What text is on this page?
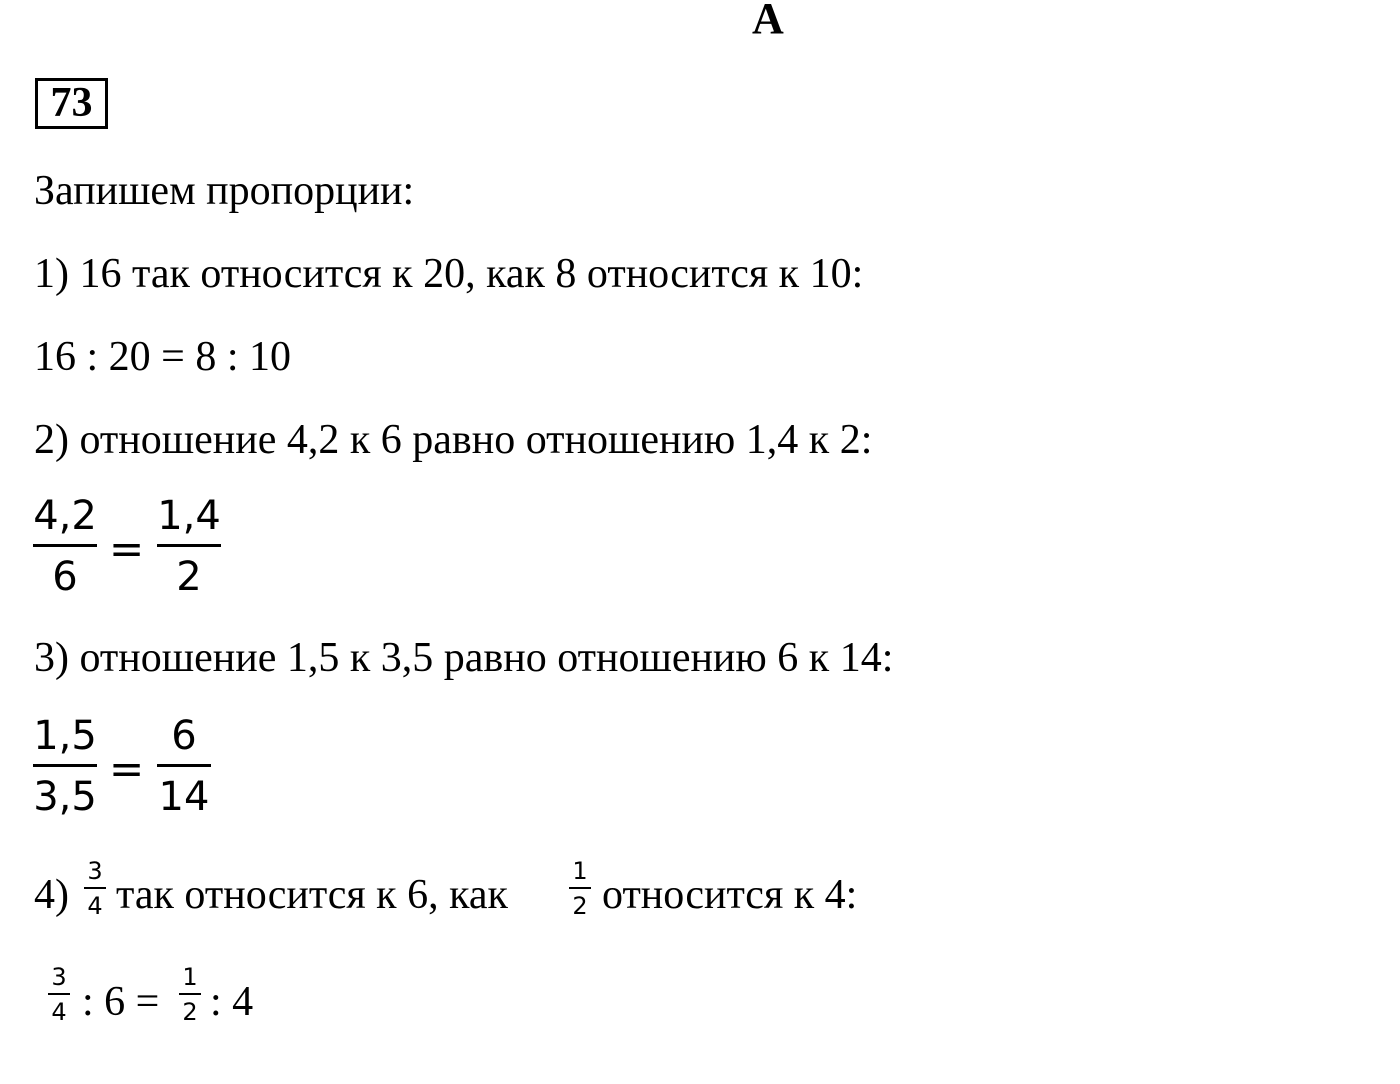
А
73
Запишем пропорции:
1) 16 так относится к 20, как 8 относится к 10:
16 : 20 = 8 : 10
2) отношение 4,2 к 6 равно отношению 1,4 к 2:
4,2
6
=
1,4
2
3) отношение 1,5 к 3,5 равно отношению 6 к 14:
1,5
3,5
=
6
14
4)
3
4 так относится к 6, как
1
2 относится к 4:
3
4 : 6 =
1
2 : 4
